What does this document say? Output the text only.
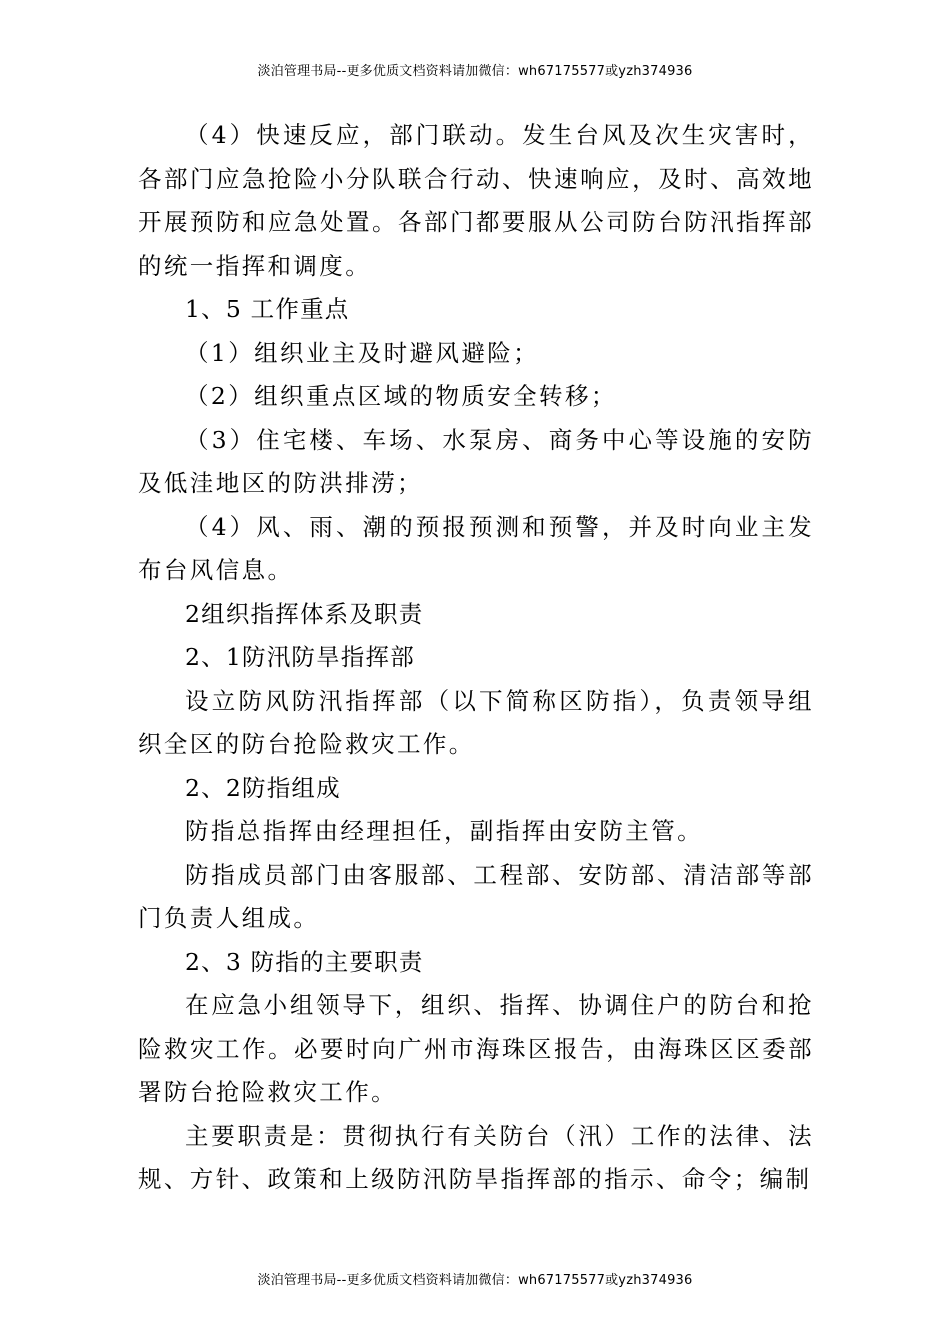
淡泊管理书局--更多优质文档资料请加微信：wh67175577或yzh374936

（4）快速反应，部门联动。发生台风及次生灾害时，各部门应急抢险小分队联合行动、快速响应，及时、高效地开展预防和应急处置。各部门都要服从公司防台防汛指挥部的统一指挥和调度。

1、5 工作重点

（1）组织业主及时避风避险；

（2）组织重点区域的物质安全转移；

（3）住宅楼、车场、水泵房、商务中心等设施的安防及低洼地区的防洪排涝；

（4）风、雨、潮的预报预测和预警，并及时向业主发布台风信息。

2组织指挥体系及职责

2、1防汛防旱指挥部

设立防风防汛指挥部（以下简称区防指），负责领导组织全区的防台抢险救灾工作。

2、2防指组成

防指总指挥由经理担任，副指挥由安防主管。

防指成员部门由客服部、工程部、安防部、清洁部等部门负责人组成。

2、3 防指的主要职责

在应急小组领导下，组织、指挥、协调住户的防台和抢险救灾工作。必要时向广州市海珠区报告，由海珠区区委部署防台抢险救灾工作。

主要职责是：贯彻执行有关防台（汛）工作的法律、法规、方针、政策和上级防汛防旱指挥部的指示、命令；编制

淡泊管理书局--更多优质文档资料请加微信：wh67175577或yzh374936
